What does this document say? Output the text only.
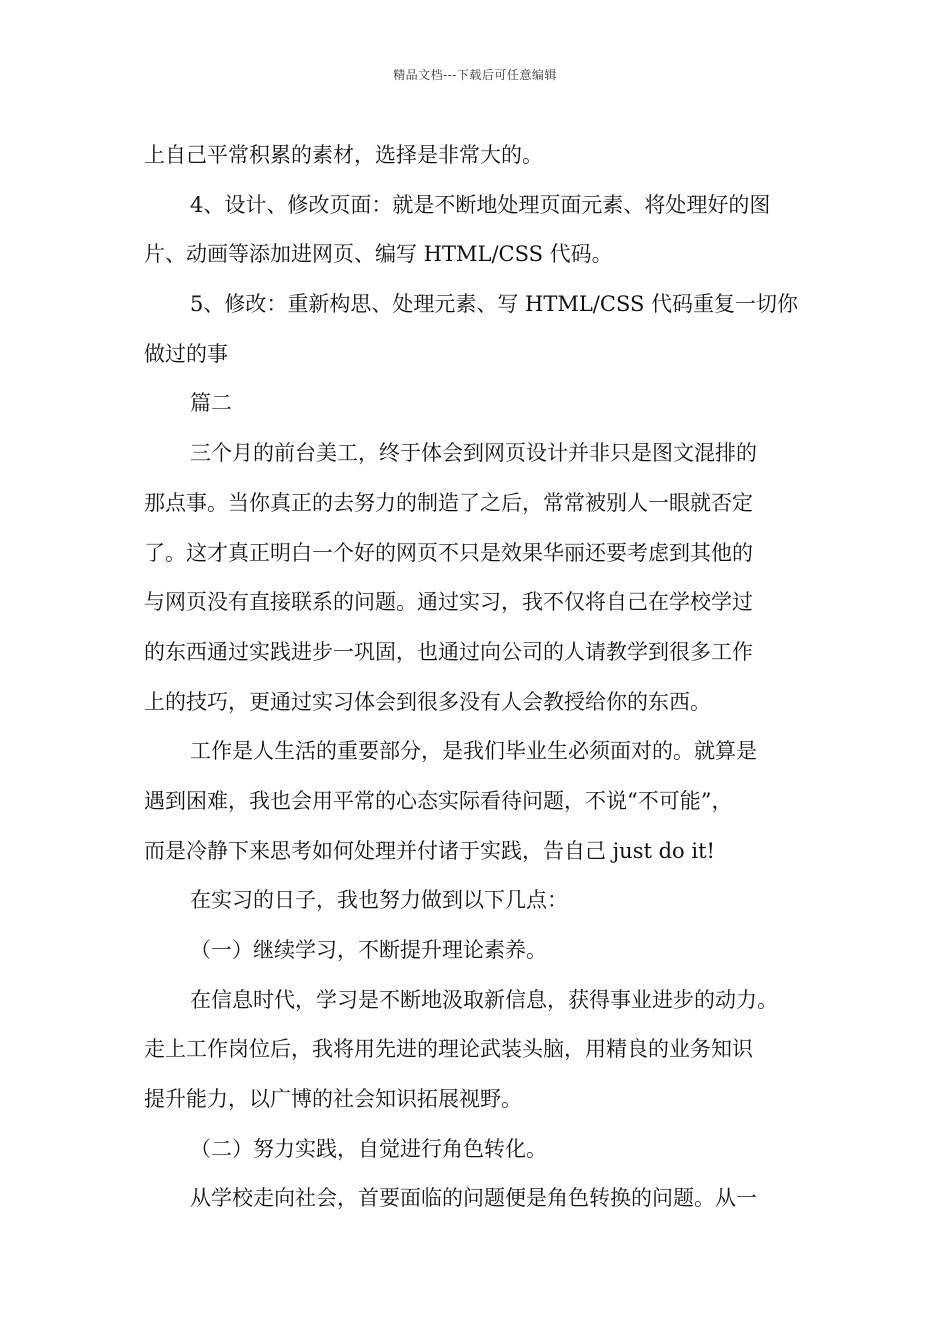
精品文档---下载后可任意编辑
上自己平常积累的素材，选择是非常大的。
4、设计、修改页面：就是不断地处理页面元素、将处理好的图
片、动画等添加进网页、编写 HTML/CSS 代码。
5、修改：重新构思、处理元素、写 HTML/CSS 代码重复一切你
做过的事
篇二
三个月的前台美工，终于体会到网页设计并非只是图文混排的
那点事。当你真正的去努力的制造了之后，常常被别人一眼就否定
了。这才真正明白一个好的网页不只是效果华丽还要考虑到其他的
与网页没有直接联系的问题。通过实习，我不仅将自己在学校学过
的东西通过实践进步一巩固，也通过向公司的人请教学到很多工作
上的技巧，更通过实习体会到很多没有人会教授给你的东西。
工作是人生活的重要部分，是我们毕业生必须面对的。就算是
遇到困难，我也会用平常的心态实际看待问题，不说“不可能”，
而是冷静下来思考如何处理并付诸于实践，告自己 just do it!
在实习的日子，我也努力做到以下几点：
（一）继续学习，不断提升理论素养。
在信息时代，学习是不断地汲取新信息，获得事业进步的动力。
走上工作岗位后，我将用先进的理论武装头脑，用精良的业务知识
提升能力，以广博的社会知识拓展视野。
（二）努力实践，自觉进行角色转化。
从学校走向社会，首要面临的问题便是角色转换的问题。从一
